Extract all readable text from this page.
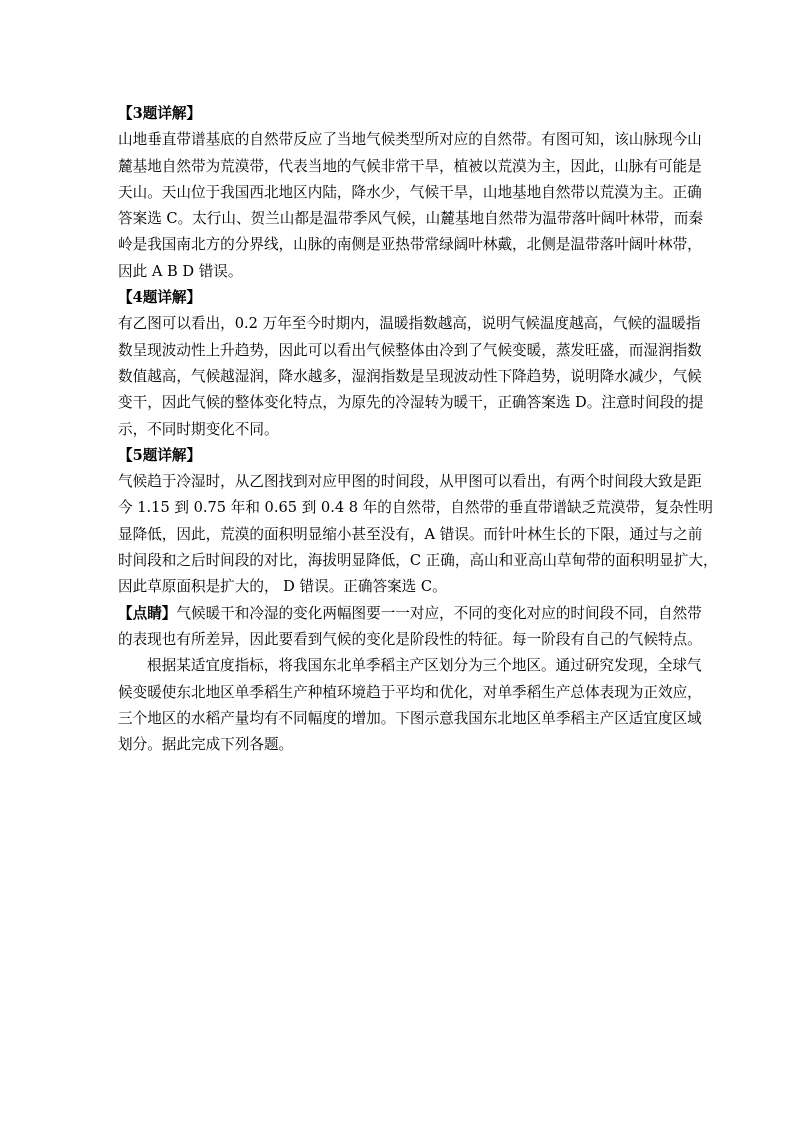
【3题详解】
山地垂直带谱基底的自然带反应了当地气候类型所对应的自然带。有图可知，该山脉现今山
麓基地自然带为荒漠带，代表当地的气候非常干旱，植被以荒漠为主，因此，山脉有可能是
天山。天山位于我国西北地区内陆，降水少，气候干旱，山地基地自然带以荒漠为主。正确
答案选 C。太行山、贺兰山都是温带季风气候，山麓基地自然带为温带落叶阔叶林带，而秦
岭是我国南北方的分界线，山脉的南侧是亚热带常绿阔叶林戴，北侧是温带落叶阔叶林带，
因此 A B D 错误。
【4题详解】
有乙图可以看出，0.2 万年至今时期内，温暖指数越高，说明气候温度越高，气候的温暖指
数呈现波动性上升趋势，因此可以看出气候整体由冷到了气候变暖，蒸发旺盛，而湿润指数
数值越高，气候越湿润，降水越多，湿润指数是呈现波动性下降趋势，说明降水减少，气候
变干，因此气候的整体变化特点，为原先的冷湿转为暖干，正确答案选 D。注意时间段的提
示，不同时期变化不同。
【5题详解】
气候趋于冷湿时，从乙图找到对应甲图的时间段，从甲图可以看出，有两个时间段大致是距
今 1.15 到 0.75 年和 0.65 到 0.4 8 年的自然带，自然带的垂直带谱缺乏荒漠带，复杂性明
显降低，因此，荒漠的面积明显缩小甚至没有，A 错误。而针叶林生长的下限，通过与之前
时间段和之后时间段的对比，海拔明显降低，C 正确，高山和亚高山草甸带的面积明显扩大，
因此草原面积是扩大的， D 错误。正确答案选 C。
【点睛】气候暖干和冷湿的变化两幅图要一一对应，不同的变化对应的时间段不同，自然带
的表现也有所差异，因此要看到气候的变化是阶段性的特征。每一阶段有自己的气候特点。
根据某适宜度指标，将我国东北单季稻主产区划分为三个地区。通过研究发现，全球气
候变暖使东北地区单季稻生产种植环境趋于平均和优化，对单季稻生产总体表现为正效应，
三个地区的水稻产量均有不同幅度的增加。下图示意我国东北地区单季稻主产区适宜度区域
划分。据此完成下列各题。
